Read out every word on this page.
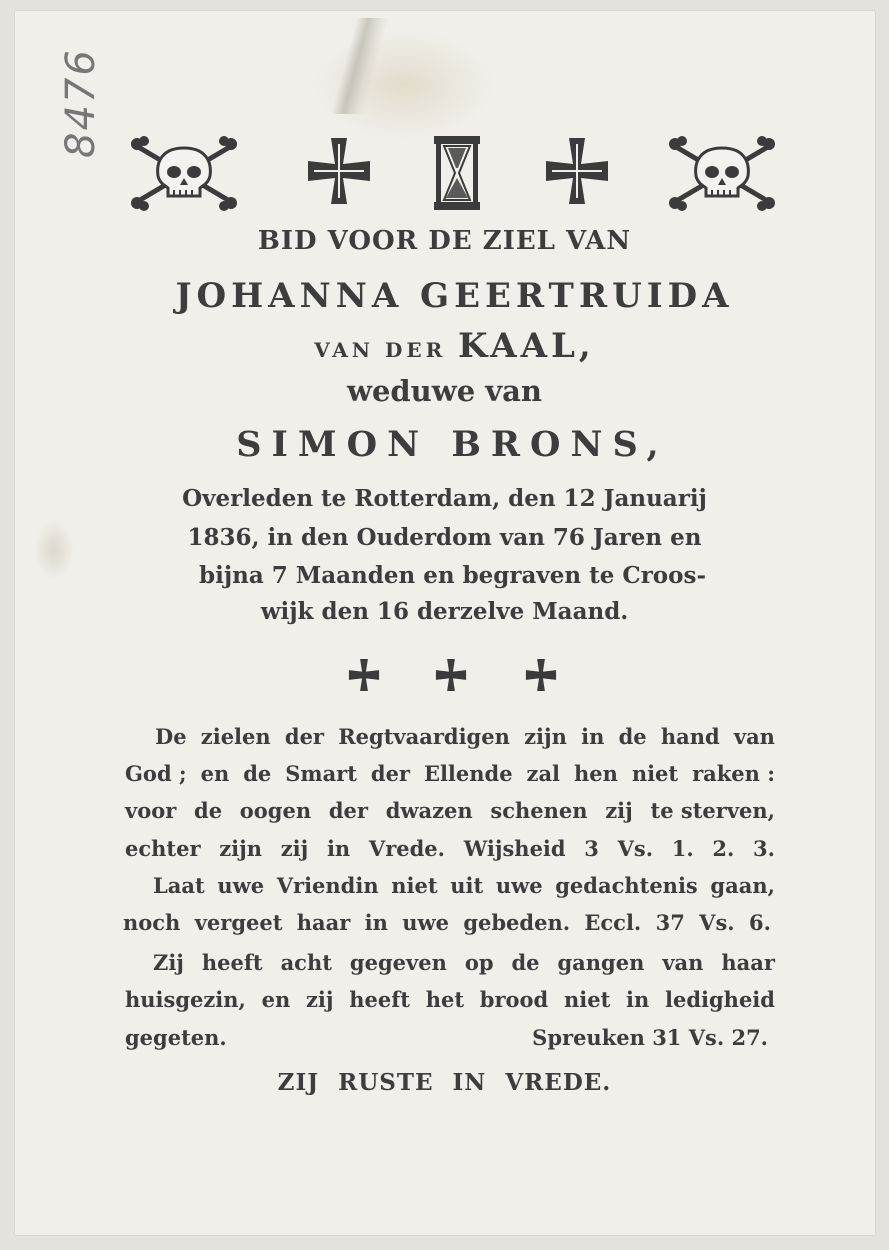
8476
BID VOOR DE ZIEL VAN
JOHANNA GEERTRUIDA
VAN DER KAAL,
weduwe van
SIMON BRONS,
Overleden te Rotterdam, den 12 Januarij
1836, in den Ouderdom van 76 Jaren en
bijna 7 Maanden en begraven te Croos-
wijk den 16 derzelve Maand.
De zielen der Regtvaardigen zijn in de hand van
God ; en de Smart der Ellende zal hen niet raken :
voor de oogen der dwazen schenen zij te sterven,
echter zijn zij in Vrede. Wijsheid 3 Vs. 1. 2. 3.
Laat uwe Vriendin niet uit uwe gedachtenis gaan,
noch vergeet haar in uwe gebeden. Eccl. 37 Vs. 6.
Zij heeft acht gegeven op de gangen van haar
huisgezin, en zij heeft het brood niet in ledigheid
gegeten.	Spreuken 31 Vs. 27.
ZIJ RUSTE IN VREDE.
